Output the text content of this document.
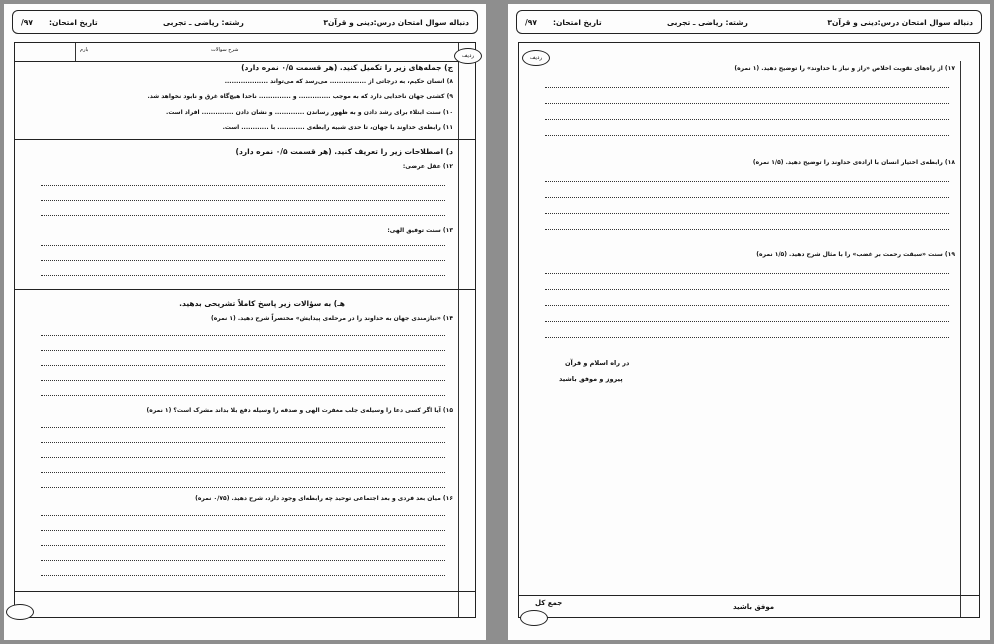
دنباله سوال امتحان درس:دینی و قرآن۳
رشته: ریاضی ـ تجربی
تاریخ امتحان:
۹۷/
شرح سوالات
بارم
ج) جمله‌های زیر را تکمیل کنید. (هر قسمت ۰/۵ نمره دارد)
۸) انسان حکیم، به درجاتی از ................ می‌رسد که می‌تواند ...................
۹) کشتی جهان ناخدایی دارد که به موجب .............. و .............. ناخدا هیچ‌گاه غرق و نابود نخواهد شد.
۱۰) سنت ابتلاء برای رشد دادن و به ظهور رساندن ............. و نشان دادن .............. افراد است.
۱۱) رابطه‌ی خداوند با جهان، تا حدی شبیه رابطه‌ی ............ با ............ است.
د) اصطلاحات زیر را تعریف کنید. (هر قسمت ۰/۵ نمره دارد)
۱۲) عقل عرضی:
۱۳) سنت توفیق الهی:
هـ) به سؤالات زیر پاسخ کاملاً تشریحی بدهید.
۱۴) «نیازمندی جهان به خداوند را در مرحله‌ی پیدایش» مختصراً شرح دهید. (۱ نمره)
۱۵) آیا اگر کسی دعا را وسیله‌ی جلب مغفرت الهی و صدقه را وسیله دفع بلا بداند مشرک است؟ (۱ نمره)
۱۶) میان بعد فردی و بعد اجتماعی توحید چه رابطه‌ای وجود دارد، شرح دهید. (۰/۷۵ نمره)
ردیف
دنباله سوال امتحان درس:دینی و قرآن۳
رشته: ریاضی ـ تجربی
تاریخ امتحان:
۹۷/
۱۷) از راه‌های تقویت اخلاص «راز و نیاز با خداوند» را توضیح دهید. (۱ نمره)
۱۸) رابطه‌ی اختیار انسان با اراده‌ی خداوند را توضیح دهید. (۱/۵ نمره)
۱۹) سنت «سبقت رحمت بر غضب» را با مثال شرح دهید. (۱/۵ نمره)
در راه اسلام و قرآن
پیروز و موفق باشید
جمع کل	موفق باشید
ردیف
